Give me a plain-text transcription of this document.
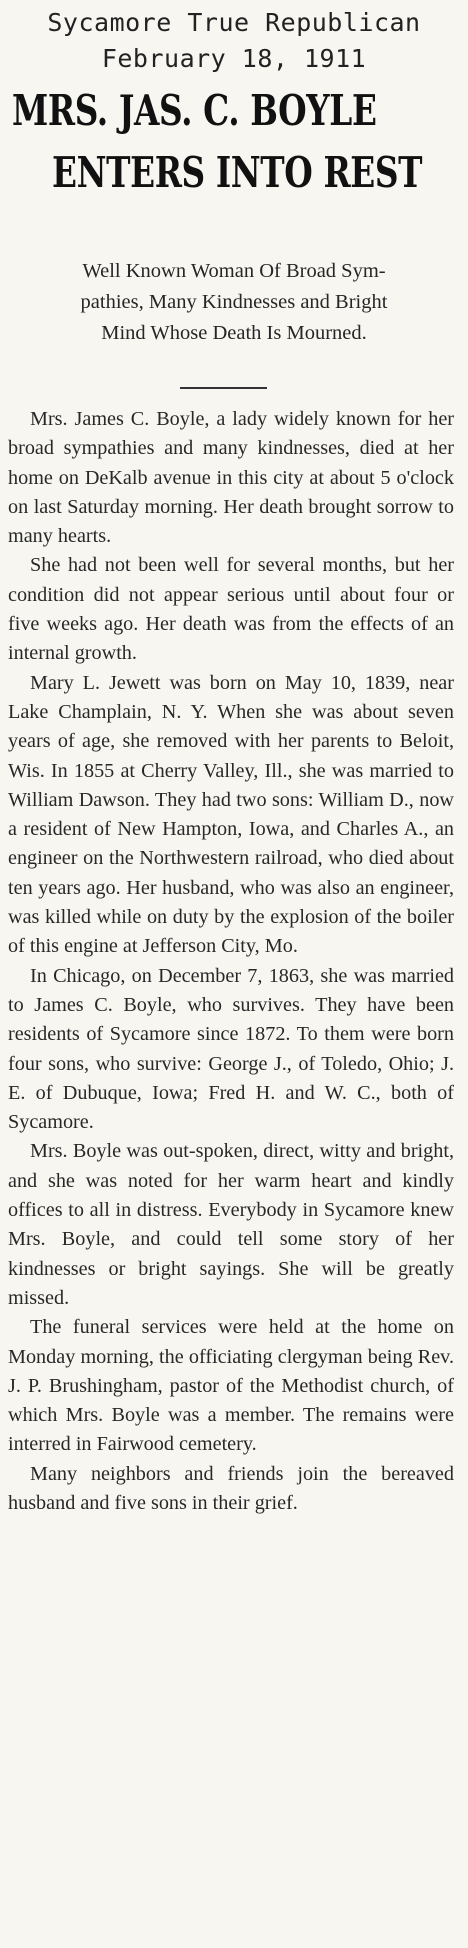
Sycamore True Republican
February 18, 1911
MRS. JAS. C. BOYLE
ENTERS INTO REST
Well Known Woman Of Broad Sym-
pathies, Many Kindnesses and Bright
Mind Whose Death Is Mourned.

Mrs. James C. Boyle, a lady widely known for her broad sympathies and many kindnesses, died at her home on DeKalb avenue in this city at about 5 o'clock on last Saturday morning. Her death brought sorrow to many hearts.

She had not been well for several months, but her condition did not appear serious until about four or five weeks ago. Her death was from the effects of an internal growth.

Mary L. Jewett was born on May 10, 1839, near Lake Champlain, N. Y. When she was about seven years of age, she removed with her parents to Beloit, Wis. In 1855 at Cherry Valley, Ill., she was married to William Dawson. They had two sons: William D., now a resident of New Hampton, Iowa, and Charles A., an engineer on the Northwestern railroad, who died about ten years ago. Her husband, who was also an engineer, was killed while on duty by the explosion of the boiler of this engine at Jefferson City, Mo.

In Chicago, on December 7, 1863, she was married to James C. Boyle, who survives. They have been residents of Sycamore since 1872. To them were born four sons, who survive: George J., of Toledo, Ohio; J. E. of Dubuque, Iowa; Fred H. and W. C., both of Sycamore.

Mrs. Boyle was out-spoken, direct, witty and bright, and she was noted for her warm heart and kindly offices to all in distress. Everybody in Sycamore knew Mrs. Boyle, and could tell some story of her kindnesses or bright sayings. She will be greatly missed.

The funeral services were held at the home on Monday morning, the officiating clergyman being Rev. J. P. Brushingham, pastor of the Methodist church, of which Mrs. Boyle was a member. The remains were interred in Fairwood cemetery.

Many neighbors and friends join the bereaved husband and five sons in their grief.
